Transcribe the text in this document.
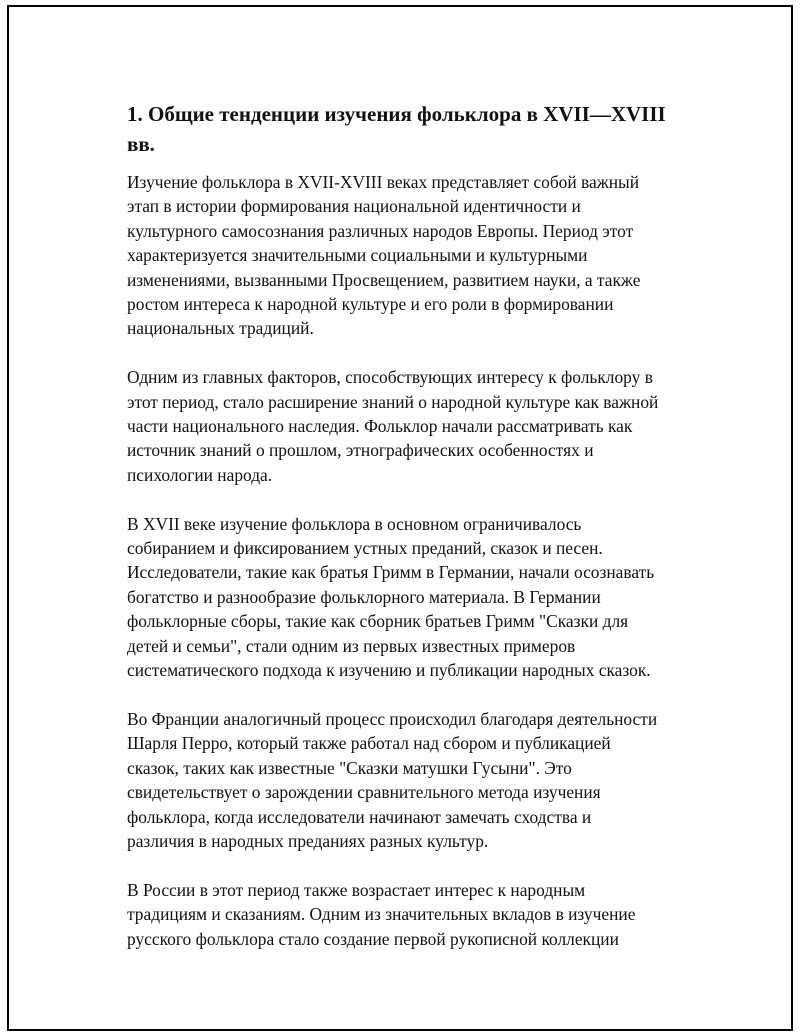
1. Общие тенденции изучения фольклора в XVII—XVIII
вв.

Изучение фольклора в XVII-XVIII веках представляет собой важный
этап в истории формирования национальной идентичности и
культурного самосознания различных народов Европы. Период этот
характеризуется значительными социальными и культурными
изменениями, вызванными Просвещением, развитием науки, а также
ростом интереса к народной культуре и его роли в формировании
национальных традиций.

Одним из главных факторов, способствующих интересу к фольклору в
этот период, стало расширение знаний о народной культуре как важной
части национального наследия. Фольклор начали рассматривать как
источник знаний о прошлом, этнографических особенностях и
психологии народа.

В XVII веке изучение фольклора в основном ограничивалось
собиранием и фиксированием устных преданий, сказок и песен.
Исследователи, такие как братья Гримм в Германии, начали осознавать
богатство и разнообразие фольклорного материала. В Германии
фольклорные сборы, такие как сборник братьев Гримм "Сказки для
детей и семьи", стали одним из первых известных примеров
систематического подхода к изучению и публикации народных сказок.

Во Франции аналогичный процесс происходил благодаря деятельности
Шарля Перро, который также работал над сбором и публикацией
сказок, таких как известные "Сказки матушки Гусыни". Это
свидетельствует о зарождении сравнительного метода изучения
фольклора, когда исследователи начинают замечать сходства и
различия в народных преданиях разных культур.

В России в этот период также возрастает интерес к народным
традициям и сказаниям. Одним из значительных вкладов в изучение
русского фольклора стало создание первой рукописной коллекции
